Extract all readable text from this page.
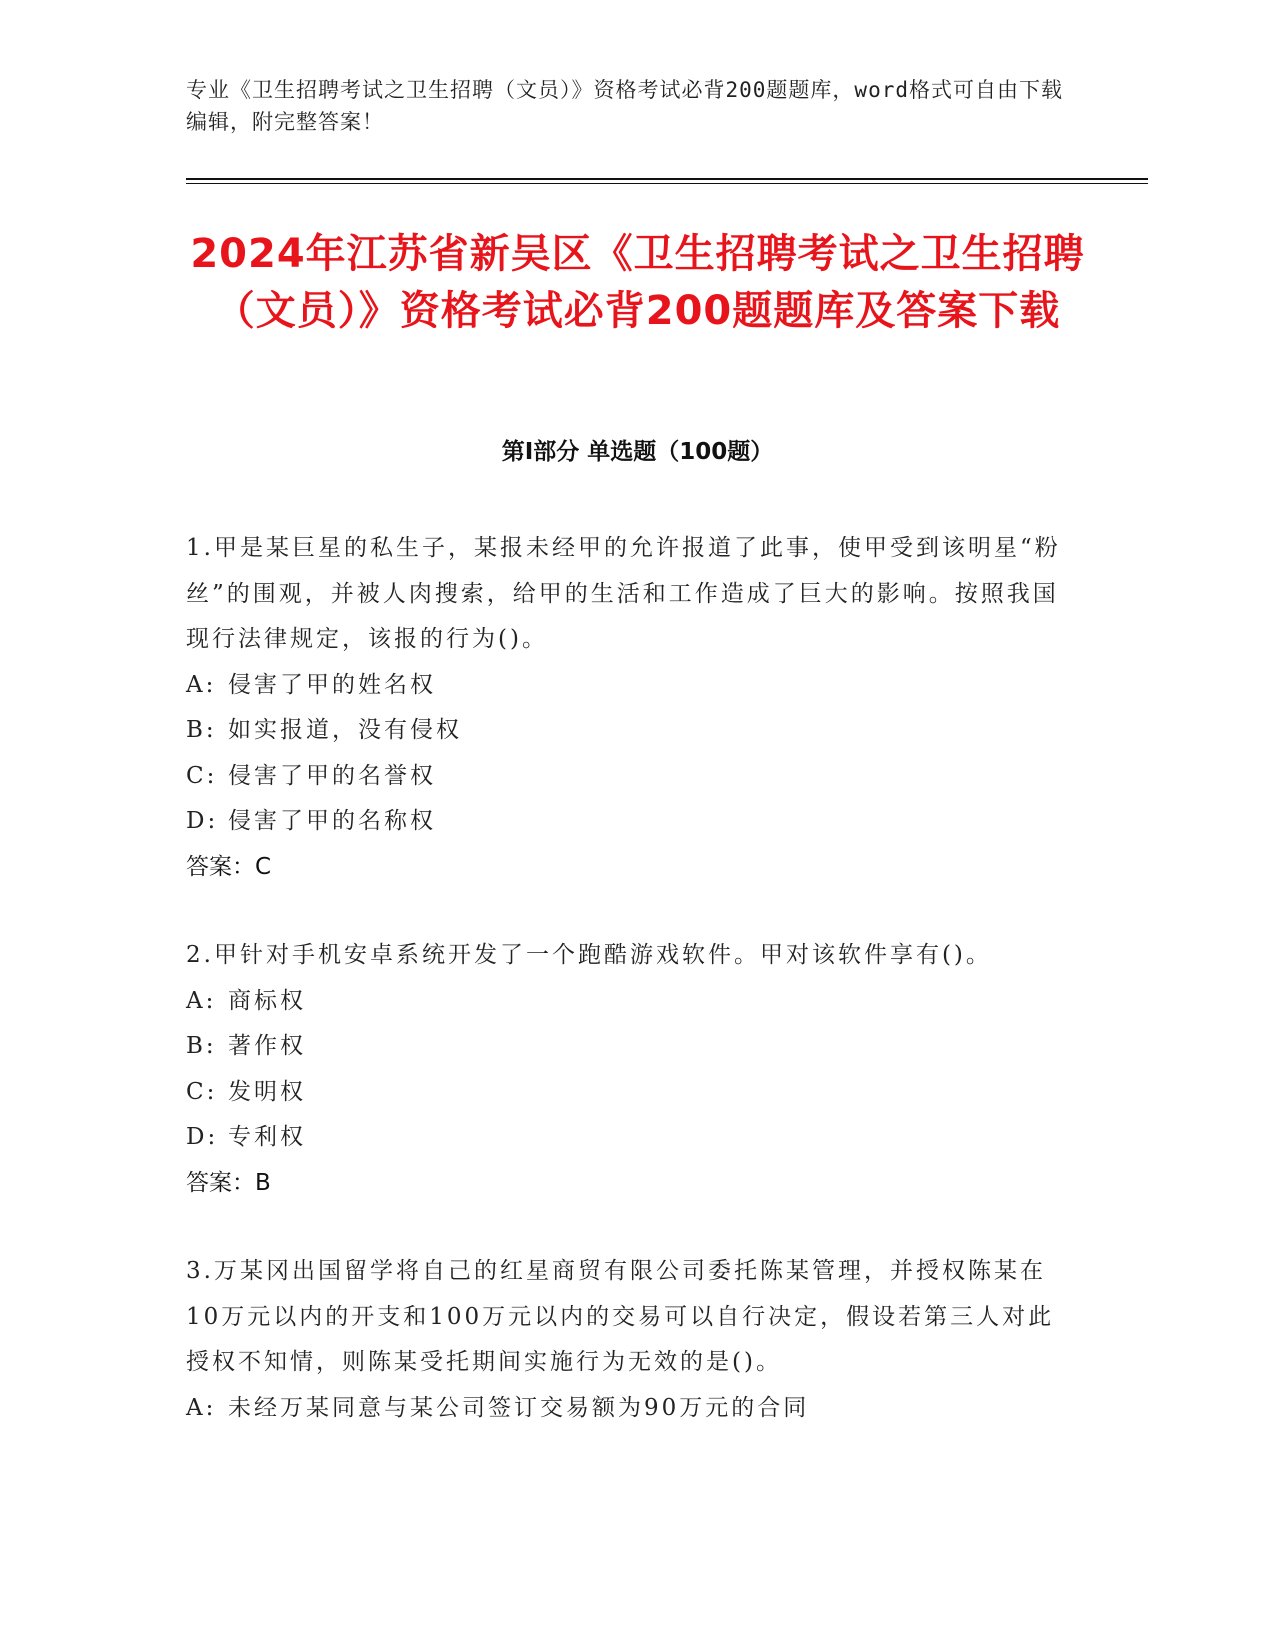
专业《卫生招聘考试之卫生招聘（文员）》资格考试必背200题题库，word格式可自由下载编辑，附完整答案！
2024年江苏省新吴区《卫生招聘考试之卫生招聘（文员）》资格考试必背200题题库及答案下载
第Ⅰ部分 单选题（100题）
1.甲是某巨星的私生子，某报未经甲的允许报道了此事，使甲受到该明星“粉丝”的围观，并被人肉搜索，给甲的生活和工作造成了巨大的影响。按照我国现行法律规定，该报的行为()。
A: 侵害了甲的姓名权
B: 如实报道，没有侵权
C: 侵害了甲的名誉权
D: 侵害了甲的名称权
答案：C
2.甲针对手机安卓系统开发了一个跑酷游戏软件。甲对该软件享有()。
A: 商标权
B: 著作权
C: 发明权
D: 专利权
答案：B
3.万某冈出国留学将自己的红星商贸有限公司委托陈某管理，并授权陈某在10万元以内的开支和100万元以内的交易可以自行决定，假设若第三人对此授权不知情，则陈某受托期间实施行为无效的是()。
A: 未经万某同意与某公司签订交易额为90万元的合同
